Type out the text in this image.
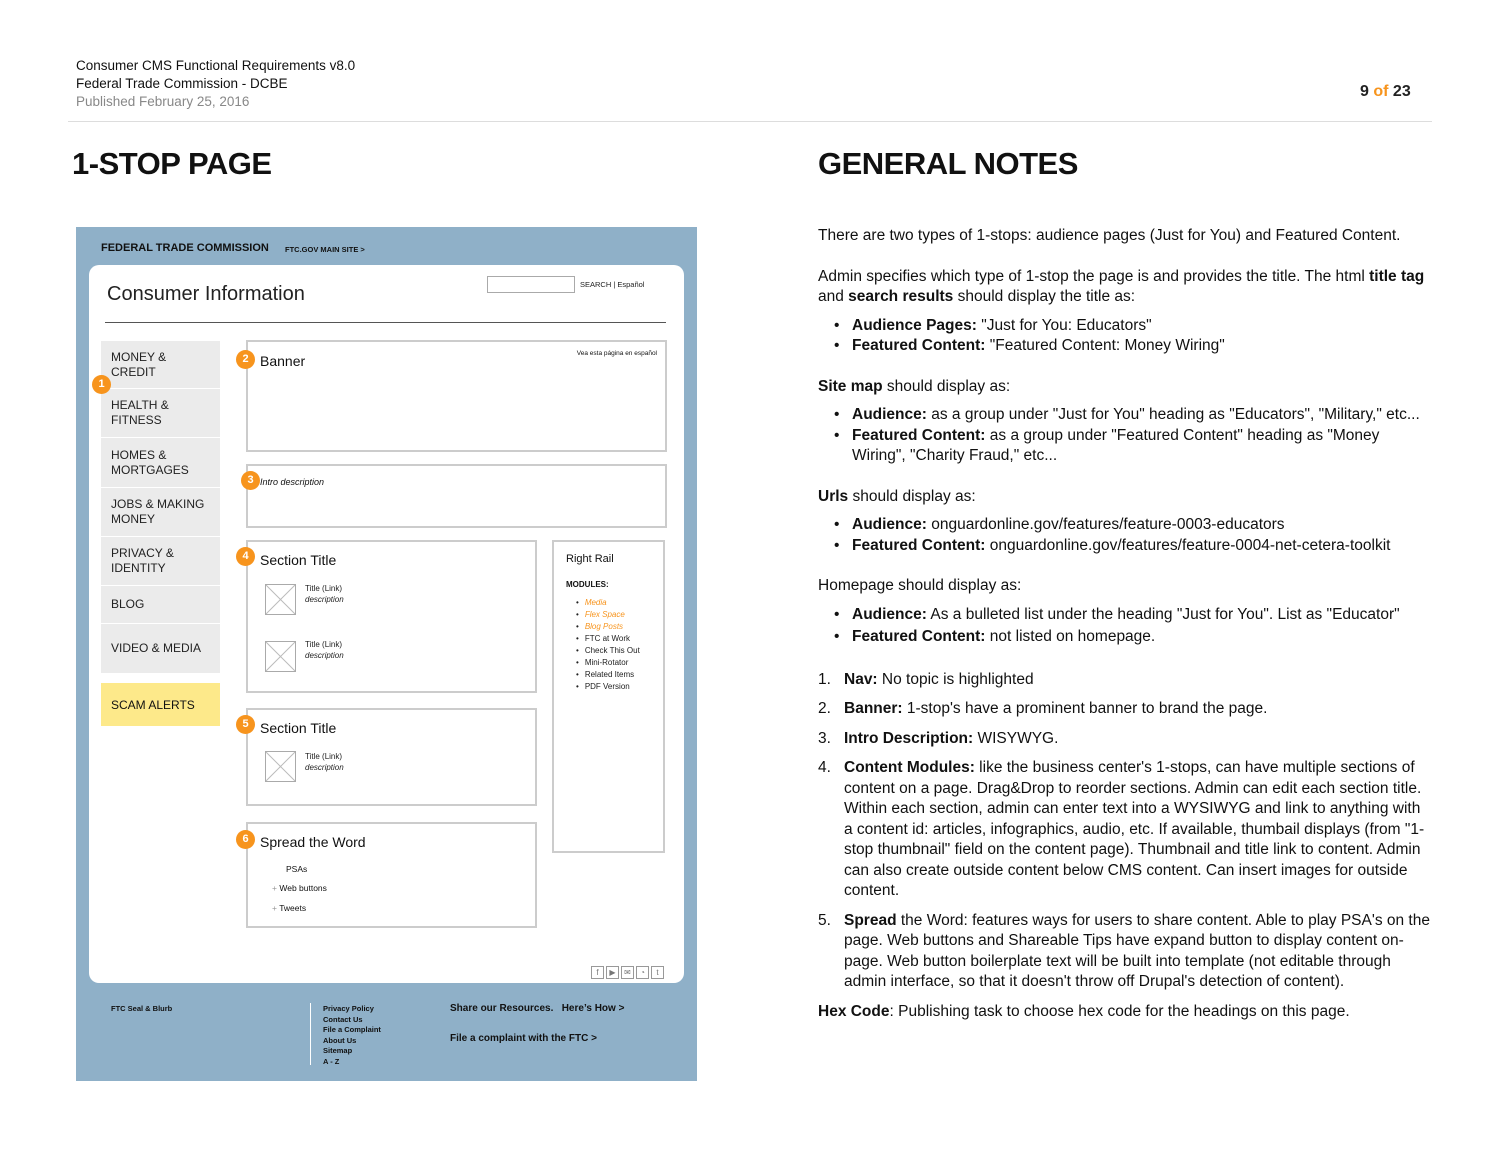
Consumer CMS Functional Requirements v8.0
Federal Trade Commission - DCBE
Published February 25, 2016
9 of 23
1-STOP PAGE	GENERAL NOTES
FEDERAL TRADE COMMISSION FTC.GOV MAIN SITE >
Consumer Information	SEARCH | Español
MONEY & CREDIT
HEALTH & FITNESS
HOMES & MORTGAGES
JOBS & MAKING MONEY
PRIVACY & IDENTITY
BLOG
VIDEO & MEDIA
SCAM ALERTS
Banner	Vea esta página en español
Intro description
Section Title
Title (Link)
description
Title (Link)
description
Section Title
Title (Link)
description
Spread the Word
PSAs
+ Web buttons
+ Tweets
Right Rail
MODULES:
• Media
• Flex Space
• Blog Posts
• FTC at Work
• Check This Out
• Mini-Rotator
• Related Items
• PDF Version
1
2
3
4
5
6
f	▶	✉	◔	t
FTC Seal & Blurb	Privacy Policy
Contact Us
File a Complaint
About Us
Sitemap
A - Z
Share our Resources.   Here’s How >
File a complaint with the FTC >

There are two types of 1-stops: audience pages (Just for You) and Featured Content.

Admin specifies which type of 1-stop the page is and provides the title. The html title tag and search results should display the title as:

• Audience Pages: "Just for You: Educators"
• Featured Content: "Featured Content: Money Wiring"

Site map should display as:

• Audience: as a group under "Just for You" heading as "Educators", "Military," etc...
• Featured Content: as a group under "Featured Content" heading as "Money Wiring", "Charity Fraud," etc...

Urls should display as:

• Audience: onguardonline.gov/features/feature-0003-educators
• Featured Content: onguardonline.gov/features/feature-0004-net-cetera-toolkit

Homepage should display as:

• Audience: As a bulleted list under the heading "Just for You". List as "Educator"
• Featured Content: not listed on homepage.
1. Nav: No topic is highlighted
2. Banner: 1-stop's have a prominent banner to brand the page.
3. Intro Description: WISYWYG.
4. Content Modules: like the business center's 1-stops, can have multiple sections of content on a page. Drag&Drop to reorder sections. Admin can edit each section title. Within each section, admin can enter text into a WYSIWYG and link to anything with a content id: articles, infographics, audio, etc. If available, thumbail displays (from "1-stop thumbnail" field on the content page). Thumbnail and title link to content. Admin can also create outside content below CMS content. Can insert images for outside content.
5. Spread the Word: features ways for users to share content. Able to play PSA's on the page. Web buttons and Shareable Tips have expand button to display content on-page. Web button boilerplate text will be built into template (not editable through admin interface, so that it doesn't throw off Drupal's detection of content).

Hex Code: Publishing task to choose hex code for the headings on this page.
